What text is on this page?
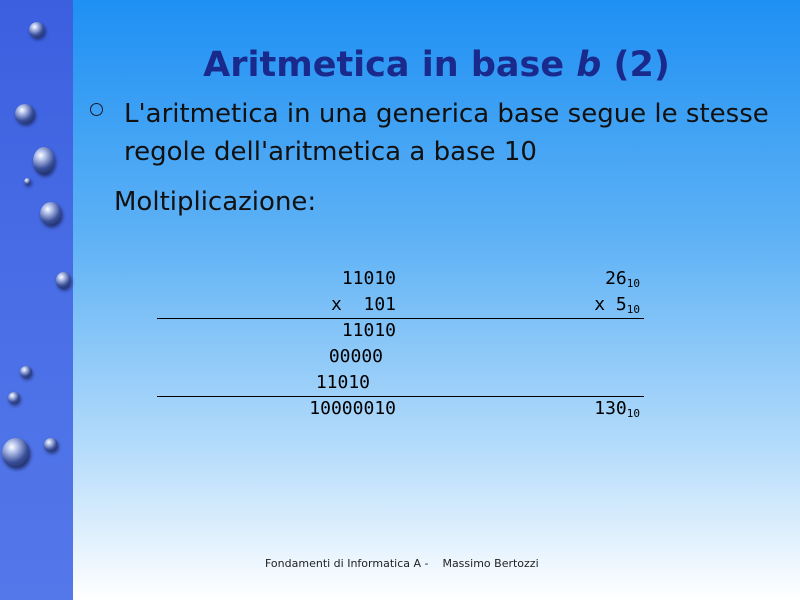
Aritmetica in base b (2)

L'aritmetica in una generica base segue le stesse regole dell'aritmetica a base 10

Moltiplicazione:

11010
x  101
11010
00000
11010
10000010
$26_{10}$
x $5_{10}$
$130_{10}$

Fondamenti di Informatica A -    Massimo Bertozzi
